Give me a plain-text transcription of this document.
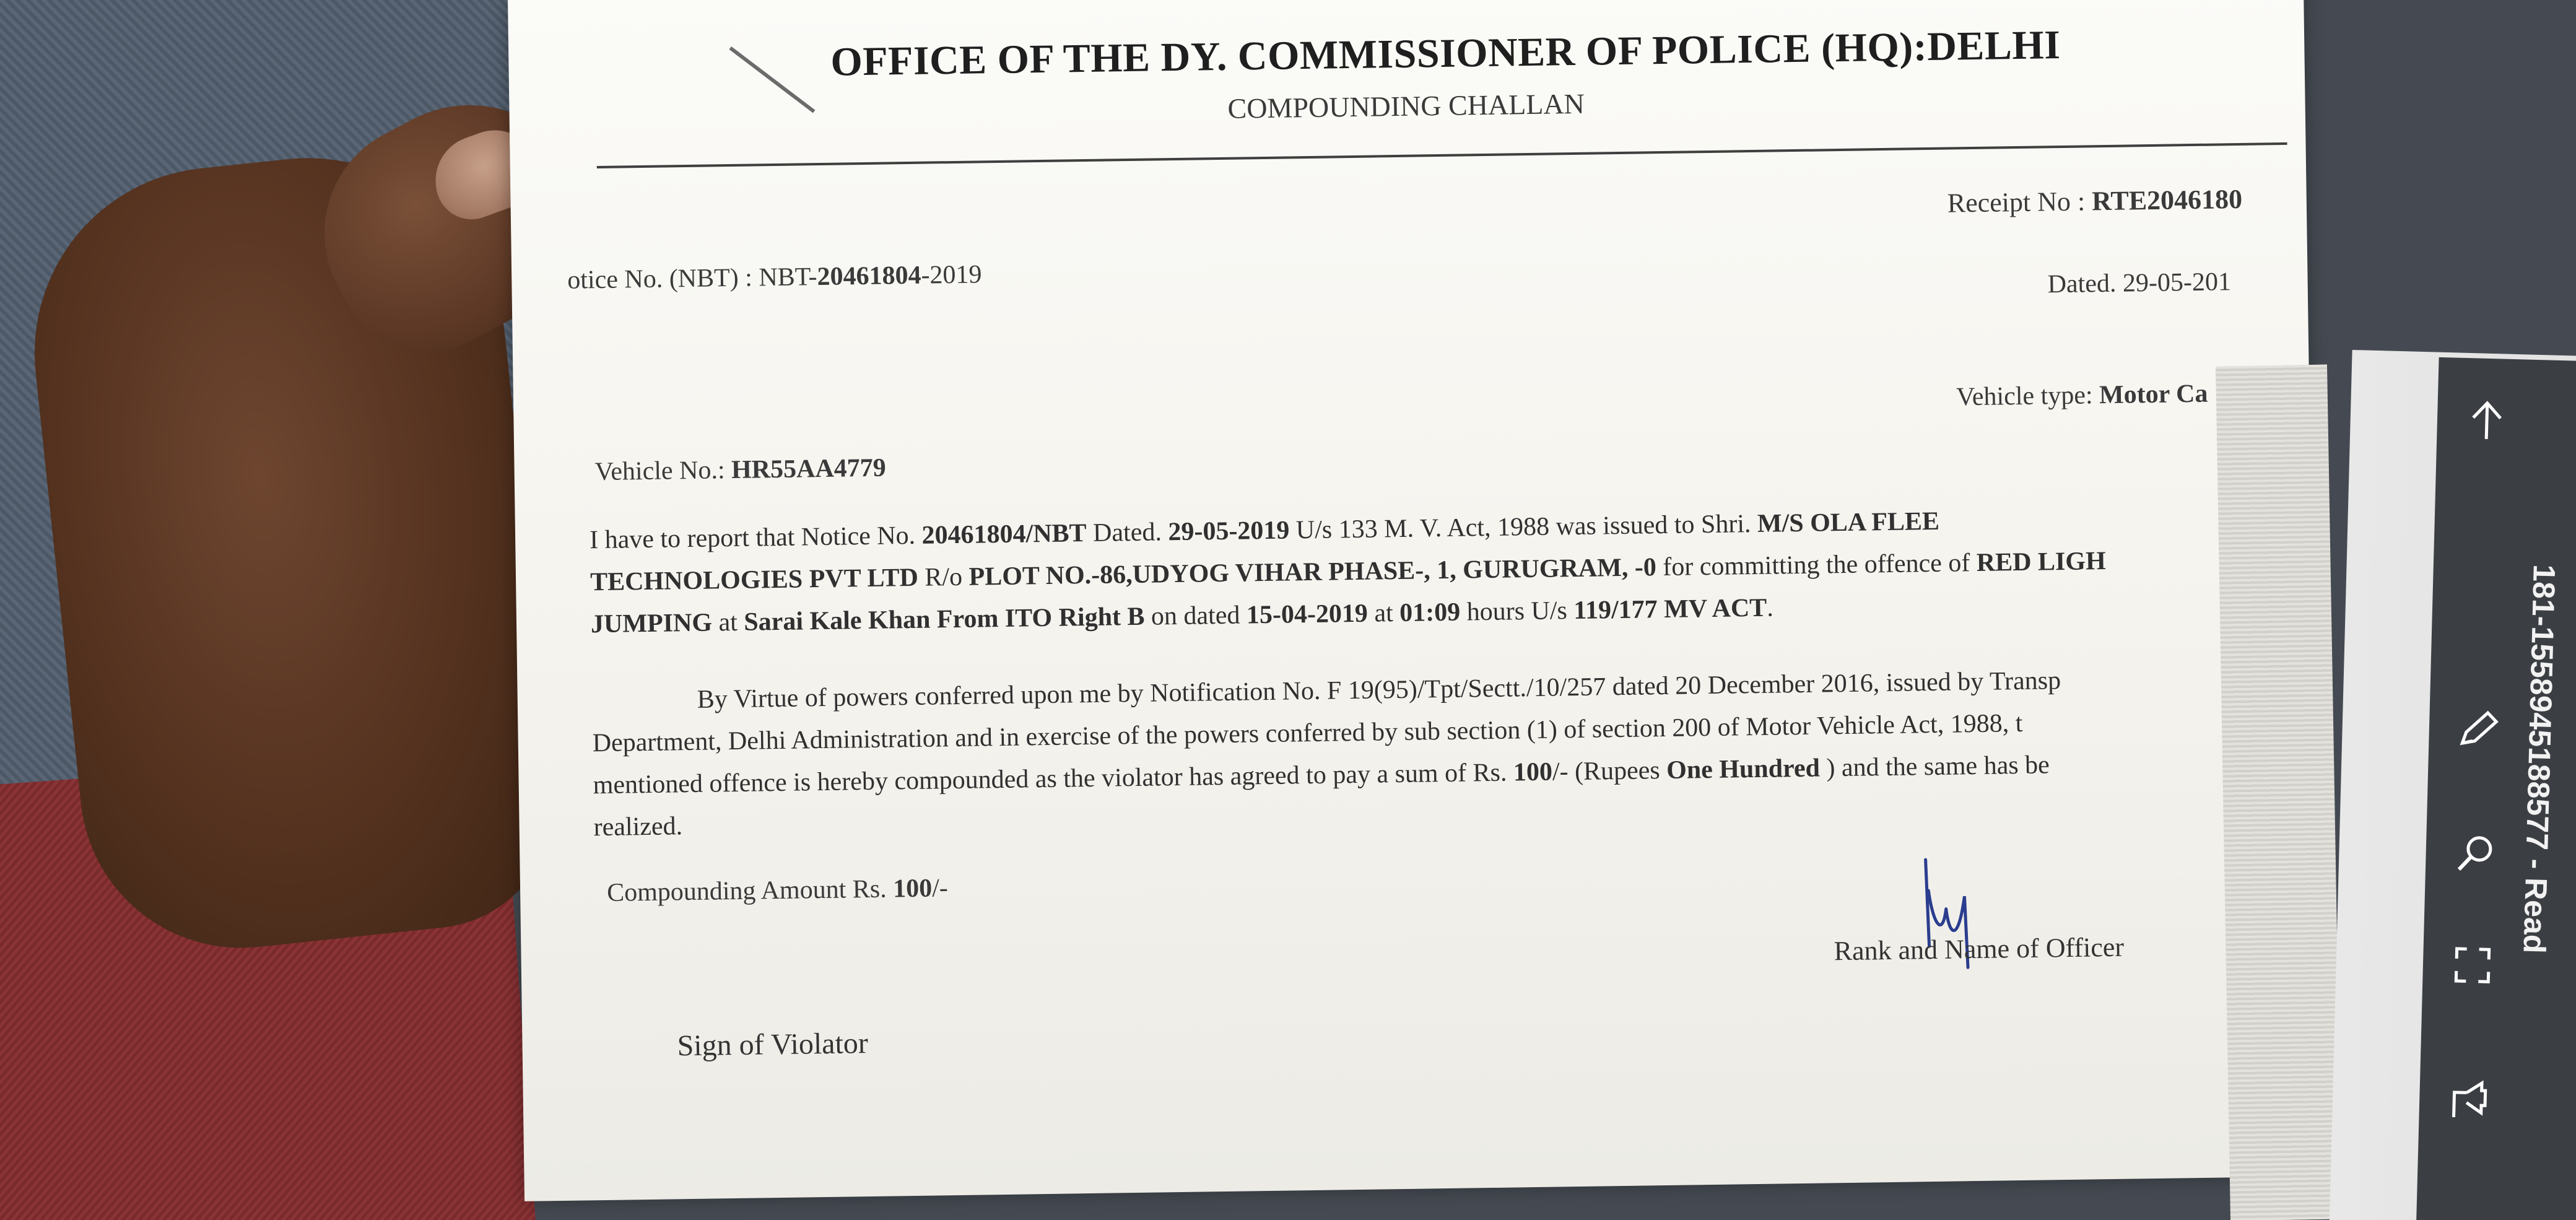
OFFICE OF THE DY. COMMISSIONER OF POLICE (HQ):DELHI
COMPOUNDING CHALLAN
Receipt No : RTE2046180
otice No. (NBT) : NBT-20461804-2019	Dated. 29-05-201
Vehicle type: Motor Ca
Vehicle No.: HR55AA4779
I have to report that Notice No. 20461804/NBT Dated. 29-05-2019 U/s 133 M. V. Act, 1988 was issued to Shri. M/S OLA FLEE
TECHNOLOGIES PVT LTD R/o PLOT NO.-86,UDYOG VIHAR PHASE-, 1, GURUGRAM, -0 for committing the offence of RED LIGH
JUMPING at Sarai Kale Khan From ITO Right B on dated 15-04-2019 at 01:09 hours U/s 119/177 MV ACT.
By Virtue of powers conferred upon me by Notification No. F 19(95)/Tpt/Sectt./10/257 dated 20 December 2016, issued by Transp
Department, Delhi Administration and in exercise of the powers conferred by sub section (1) of section 200 of Motor Vehicle Act, 1988, t
mentioned offence is hereby compounded as the violator has agreed to pay a sum of Rs. 100/- (Rupees One Hundred ) and the same has be
realized.
Compounding Amount Rs. 100/-
Rank and Name of Officer
Sign of Violator
181-1558945188577 - Read
